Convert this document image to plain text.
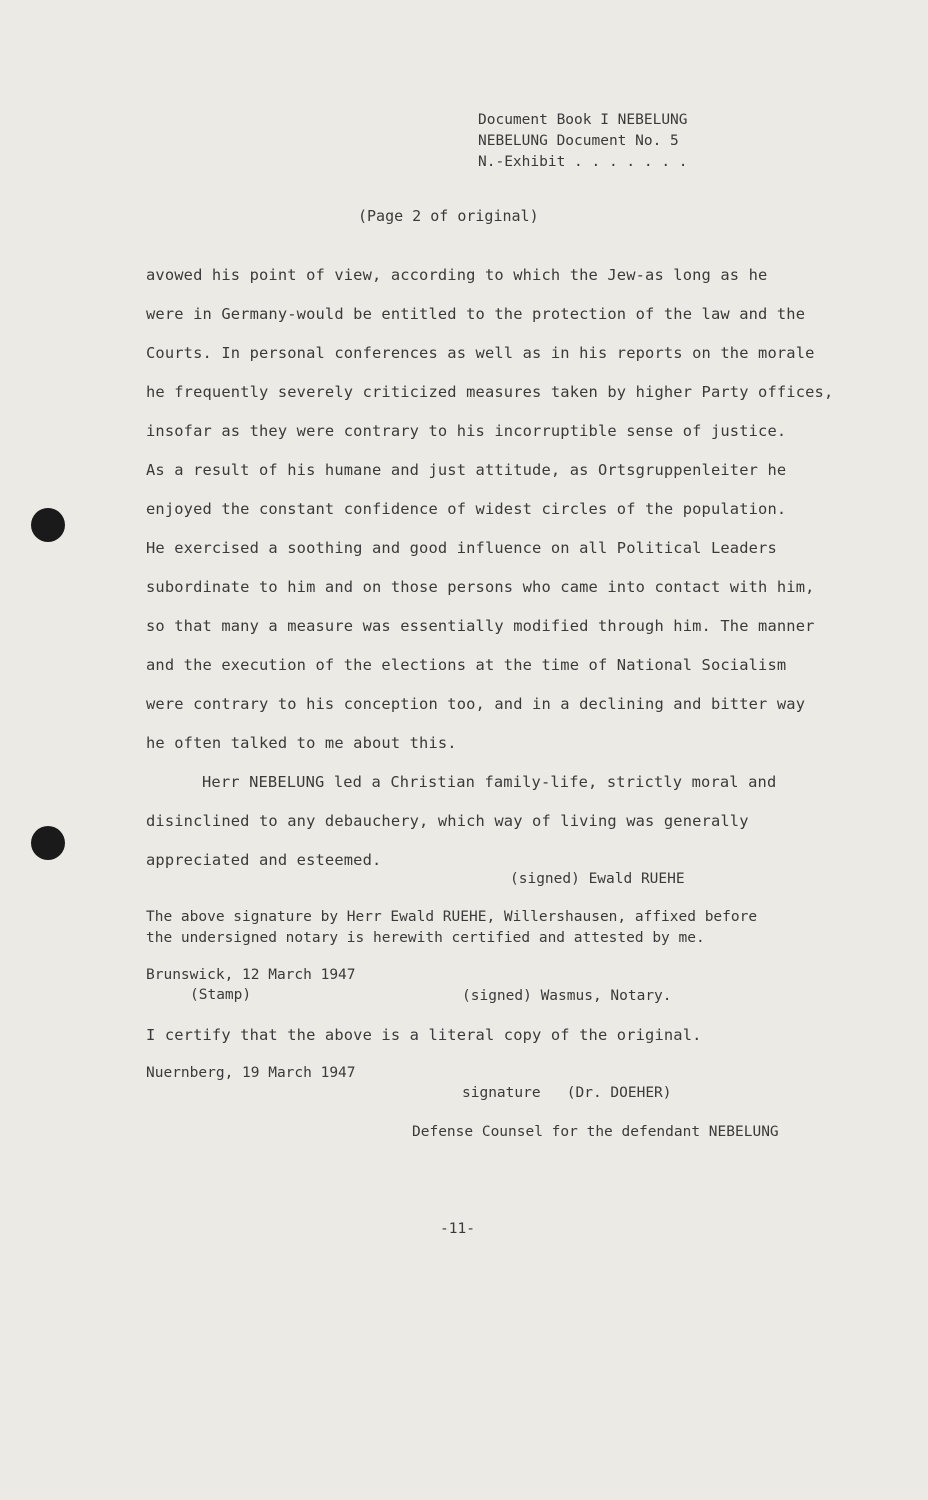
Document Book I NEBELUNG
NEBELUNG Document No. 5
N.-Exhibit . . . . . . .
(Page 2 of original)
avowed his point of view, according to which the Jew-as long as he
were in Germany-would be entitled to the protection of the law and the
Courts. In personal conferences as well as in his reports on the morale
he frequently severely criticized measures taken by higher Party offices,
insofar as they were contrary to his incorruptible sense of justice.
As a result of his humane and just attitude, as Ortsgruppenleiter he
enjoyed the constant confidence of widest circles of the population.
He exercised a soothing and good influence on all Political Leaders
subordinate to him and on those persons who came into contact with him,
so that many a measure was essentially modified through him. The manner
and the execution of the elections at the time of National Socialism
were contrary to his conception too, and in a declining and bitter way
he often talked to me about this.
Herr NEBELUNG led a Christian family-life, strictly moral and
disinclined to any debauchery, which way of living was generally
appreciated and esteemed.
(signed) Ewald RUEHE
The above signature by Herr Ewald RUEHE, Willershausen, affixed before
the undersigned notary is herewith certified and attested by me.
Brunswick, 12 March 1947
(Stamp)	(signed) Wasmus, Notary.
I certify that the above is a literal copy of the original.
Nuernberg, 19 March 1947
signature   (Dr. DOEHER)
Defense Counsel for the defendant NEBELUNG
-11-
